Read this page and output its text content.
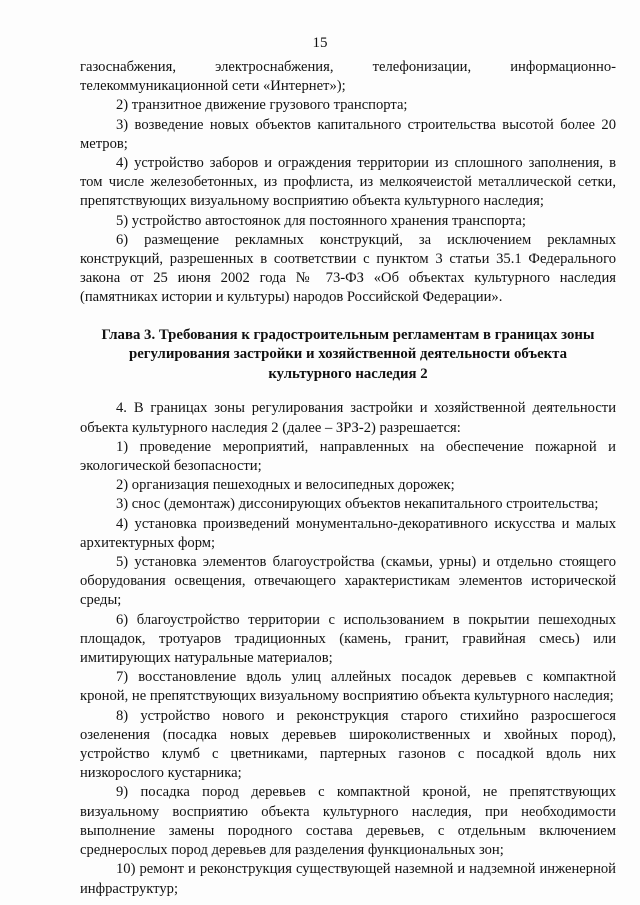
15

газоснабжения, электроснабжения, телефонизации, информационно-телекоммуникационной сети «Интернет»);

2) транзитное движение грузового транспорта;

3) возведение новых объектов капитального строительства высотой более 20 метров;

4) устройство заборов и ограждения территории из сплошного заполнения, в том числе железобетонных, из профлиста, из мелкоячеистой металлической сетки, препятствующих визуальному восприятию объекта культурного наследия;

5) устройство автостоянок для постоянного хранения транспорта;

6) размещение рекламных конструкций, за исключением рекламных конструкций, разрешенных в соответствии с пунктом 3 статьи 35.1 Федерального закона от 25 июня 2002 года № 73-ФЗ «Об объектах культурного наследия (памятниках истории и культуры) народов Российской Федерации».

Глава 3. Требования к градостроительным регламентам в границах зоны регулирования застройки и хозяйственной деятельности объекта культурного наследия 2

4. В границах зоны регулирования застройки и хозяйственной деятельности объекта культурного наследия 2 (далее – ЗРЗ-2) разрешается:

1) проведение мероприятий, направленных на обеспечение пожарной и экологической безопасности;

2) организация пешеходных и велосипедных дорожек;

3) снос (демонтаж) диссонирующих объектов некапитального строительства;

4) установка произведений монументально-декоративного искусства и малых архитектурных форм;

5) установка элементов благоустройства (скамьи, урны) и отдельно стоящего оборудования освещения, отвечающего характеристикам элементов исторической среды;

6) благоустройство территории с использованием в покрытии пешеходных площадок, тротуаров традиционных (камень, гранит, гравийная смесь) или имитирующих натуральные материалов;

7) восстановление вдоль улиц аллейных посадок деревьев с компактной кроной, не препятствующих визуальному восприятию объекта культурного наследия;

8) устройство нового и реконструкция старого стихийно разросшегося озеленения (посадка новых деревьев широколиственных и хвойных пород), устройство клумб с цветниками, партерных газонов с посадкой вдоль них низкорослого кустарника;

9) посадка пород деревьев с компактной кроной, не препятствующих визуальному восприятию объекта культурного наследия, при необходимости выполнение замены породного состава деревьев, с отдельным включением среднерослых пород деревьев для разделения функциональных зон;

10) ремонт и реконструкция существующей наземной и надземной инженерной инфраструктур;
